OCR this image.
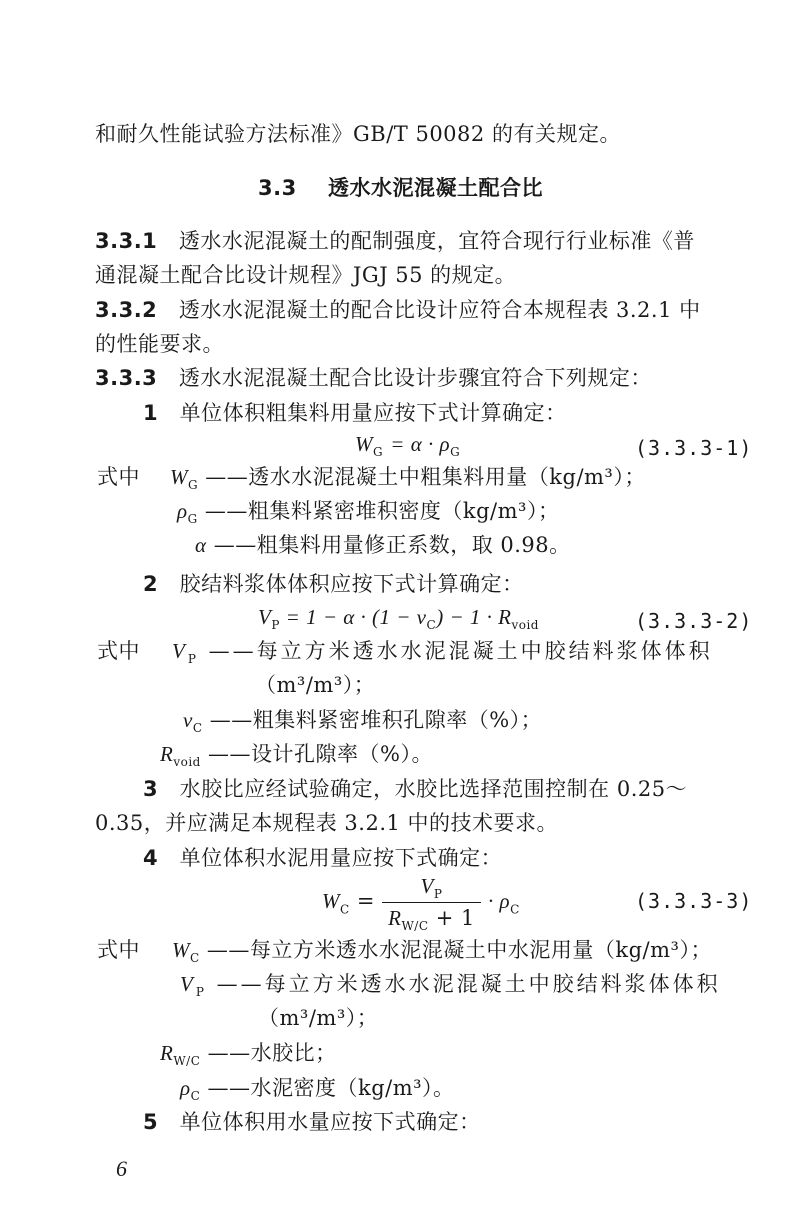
和耐久性能试验方法标准》GB/T 50082 的有关规定。
3.3 透水水泥混凝土配合比
3.3.1 透水水泥混凝土的配制强度，宜符合现行行业标准《普
通混凝土配合比设计规程》JGJ 55 的规定。
3.3.2 透水水泥混凝土的配合比设计应符合本规程表 3.2.1 中
的性能要求。
3.3.3 透水水泥混凝土配合比设计步骤宜符合下列规定：
1 单位体积粗集料用量应按下式计算确定：
$W_G = \alpha \cdot \rho_G$	(3.3.3-1)
式中 $W_G$ ——透水水泥混凝土中粗集料用量（kg/m³）；
$\rho_G$ ——粗集料紧密堆积密度（kg/m³）；
α ——粗集料用量修正系数，取 0.98。
2 胶结料浆体体积应按下式计算确定：
$V_P = 1 - \alpha \cdot (1 - \nu_C) - 1 \cdot R_{void}$	(3.3.3-2)
式中 $V_P$ ——每立方米透水水泥混凝土中胶结料浆体体积
（m³/m³）；
$\nu_C$ ——粗集料紧密堆积孔隙率（%）；
$R_{void}$ ——设计孔隙率（%）。
3 水胶比应经试验确定，水胶比选择范围控制在 0.25～
0.35，并应满足本规程表 3.2.1 中的技术要求。
4 单位体积水泥用量应按下式确定：
$W_C = \frac{V_P}{R_{W/C} + 1} \cdot \rho_C$	(3.3.3-3)
式中 $W_C$ ——每立方米透水水泥混凝土中水泥用量（kg/m³）；
$V_P$ ——每立方米透水水泥混凝土中胶结料浆体体积
（m³/m³）；
$R_{W/C}$ ——水胶比；
$\rho_C$ ——水泥密度（kg/m³）。
5 单位体积用水量应按下式确定：
6
